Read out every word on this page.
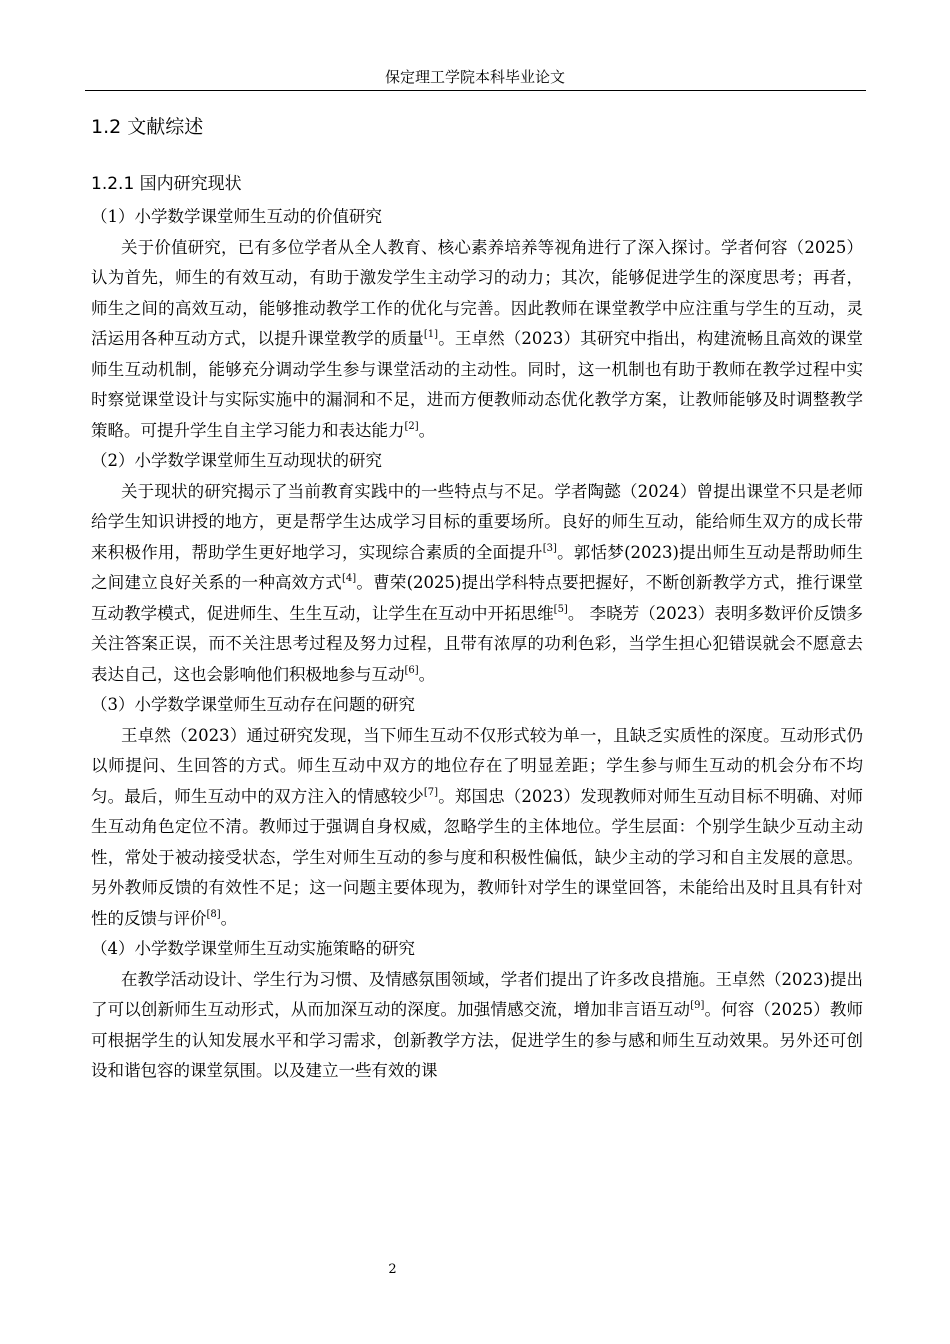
保定理工学院本科毕业论文
1.2 文献综述
1.2.1 国内研究现状
（1）小学数学课堂师生互动的价值研究

关于价值研究，已有多位学者从全人教育、核心素养培养等视角进行了深入探讨。学者何容（2025）认为首先，师生的有效互动，有助于激发学生主动学习的动力；其次，能够促进学生的深度思考；再者，师生之间的高效互动，能够推动教学工作的优化与完善。因此教师在课堂教学中应注重与学生的互动，灵活运用各种互动方式，以提升课堂教学的质量[1]。王卓然（2023）其研究中指出，构建流畅且高效的课堂师生互动机制，能够充分调动学生参与课堂活动的主动性。同时，这一机制也有助于教师在教学过程中实时察觉课堂设计与实际实施中的漏洞和不足，进而方便教师动态优化教学方案，让教师能够及时调整教学策略。可提升学生自主学习能力和表达能力[2]。

（2）小学数学课堂师生互动现状的研究

关于现状的研究揭示了当前教育实践中的一些特点与不足。学者陶懿（2024）曾提出课堂不只是老师给学生知识讲授的地方，更是帮学生达成学习目标的重要场所。良好的师生互动，能给师生双方的成长带来积极作用，帮助学生更好地学习，实现综合素质的全面提升[3]。郭恬梦(2023)提出师生互动是帮助师生之间建立良好关系的一种高效方式[4]。曹荣(2025)提出学科特点要把握好，不断创新教学方式，推行课堂互动教学模式，促进师生、生生互动，让学生在互动中开拓思维[5]。 李晓芳（2023）表明多数评价反馈多关注答案正误，而不关注思考过程及努力过程，且带有浓厚的功利色彩，当学生担心犯错误就会不愿意去表达自己，这也会影响他们积极地参与互动[6]。

（3）小学数学课堂师生互动存在问题的研究

王卓然（2023）通过研究发现，当下师生互动不仅形式较为单一，且缺乏实质性的深度。互动形式仍以师提问、生回答的方式。师生互动中双方的地位存在了明显差距；学生参与师生互动的机会分布不均匀。最后，师生互动中的双方注入的情感较少[7]。郑国忠（2023）发现教师对师生互动目标不明确、对师生互动角色定位不清。教师过于强调自身权威，忽略学生的主体地位。学生层面：个别学生缺少互动主动性，常处于被动接受状态，学生对师生互动的参与度和积极性偏低，缺少主动的学习和自主发展的意思。另外教师反馈的有效性不足；这一问题主要体现为，教师针对学生的课堂回答，未能给出及时且具有针对性的反馈与评价[8]。

（4）小学数学课堂师生互动实施策略的研究

在教学活动设计、学生行为习惯、及情感氛围领域，学者们提出了许多改良措施。王卓然（2023)提出了可以创新师生互动形式，从而加深互动的深度。加强情感交流，增加非言语互动[9]。何容（2025）教师可根据学生的认知发展水平和学习需求，创新教学方法，促进学生的参与感和师生互动效果。另外还可创设和谐包容的课堂氛围。以及建立一些有效的课

2
